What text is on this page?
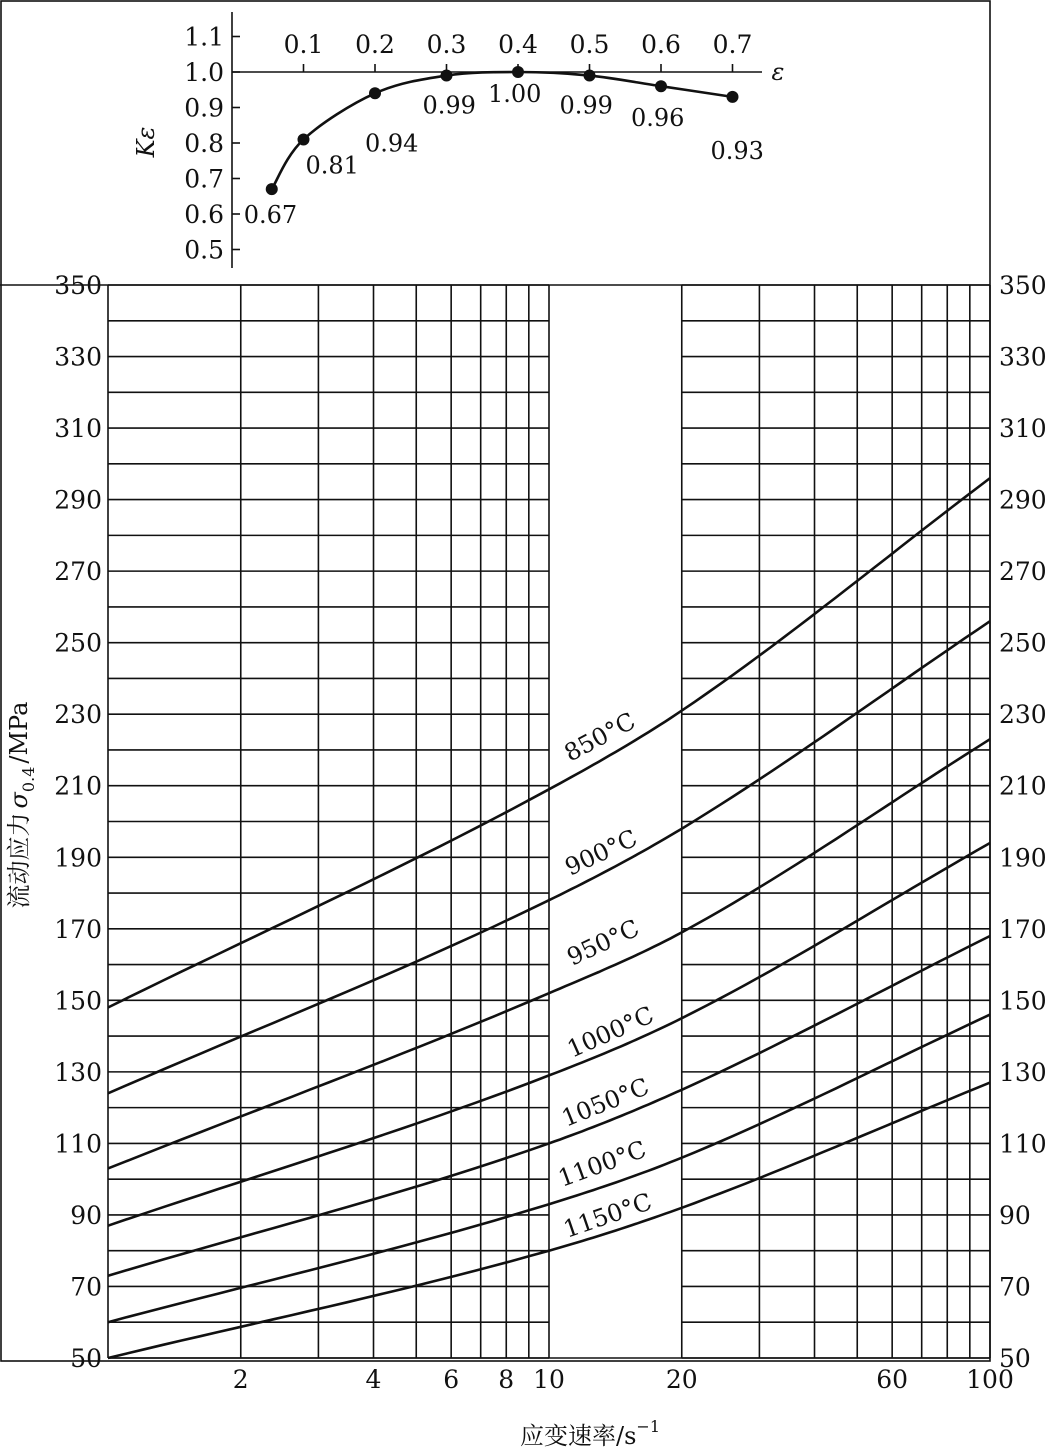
0.5
0.6
0.7
0.8
0.9
1.0
1.1 0.1 0.2 0.3 0.4 0.5 0.6 0.7
ε
Kε
0.67
0.81
0.94
0.99 1.00 0.99 0.96
0.93
50	50
70	70
90	90
110	110
130	130
150	150
170	170
190	190
210	210
230	230
250	250
270	270
290	290
310	310
330	330
350	350
2	4 6 8 10	20	60 100
应变速率$/s^{-1}$
流动应力$\sigma_{0.4}$/MPa	850°C
900°C
950°C
1000°C
1050°C
1100°C
1150°C
